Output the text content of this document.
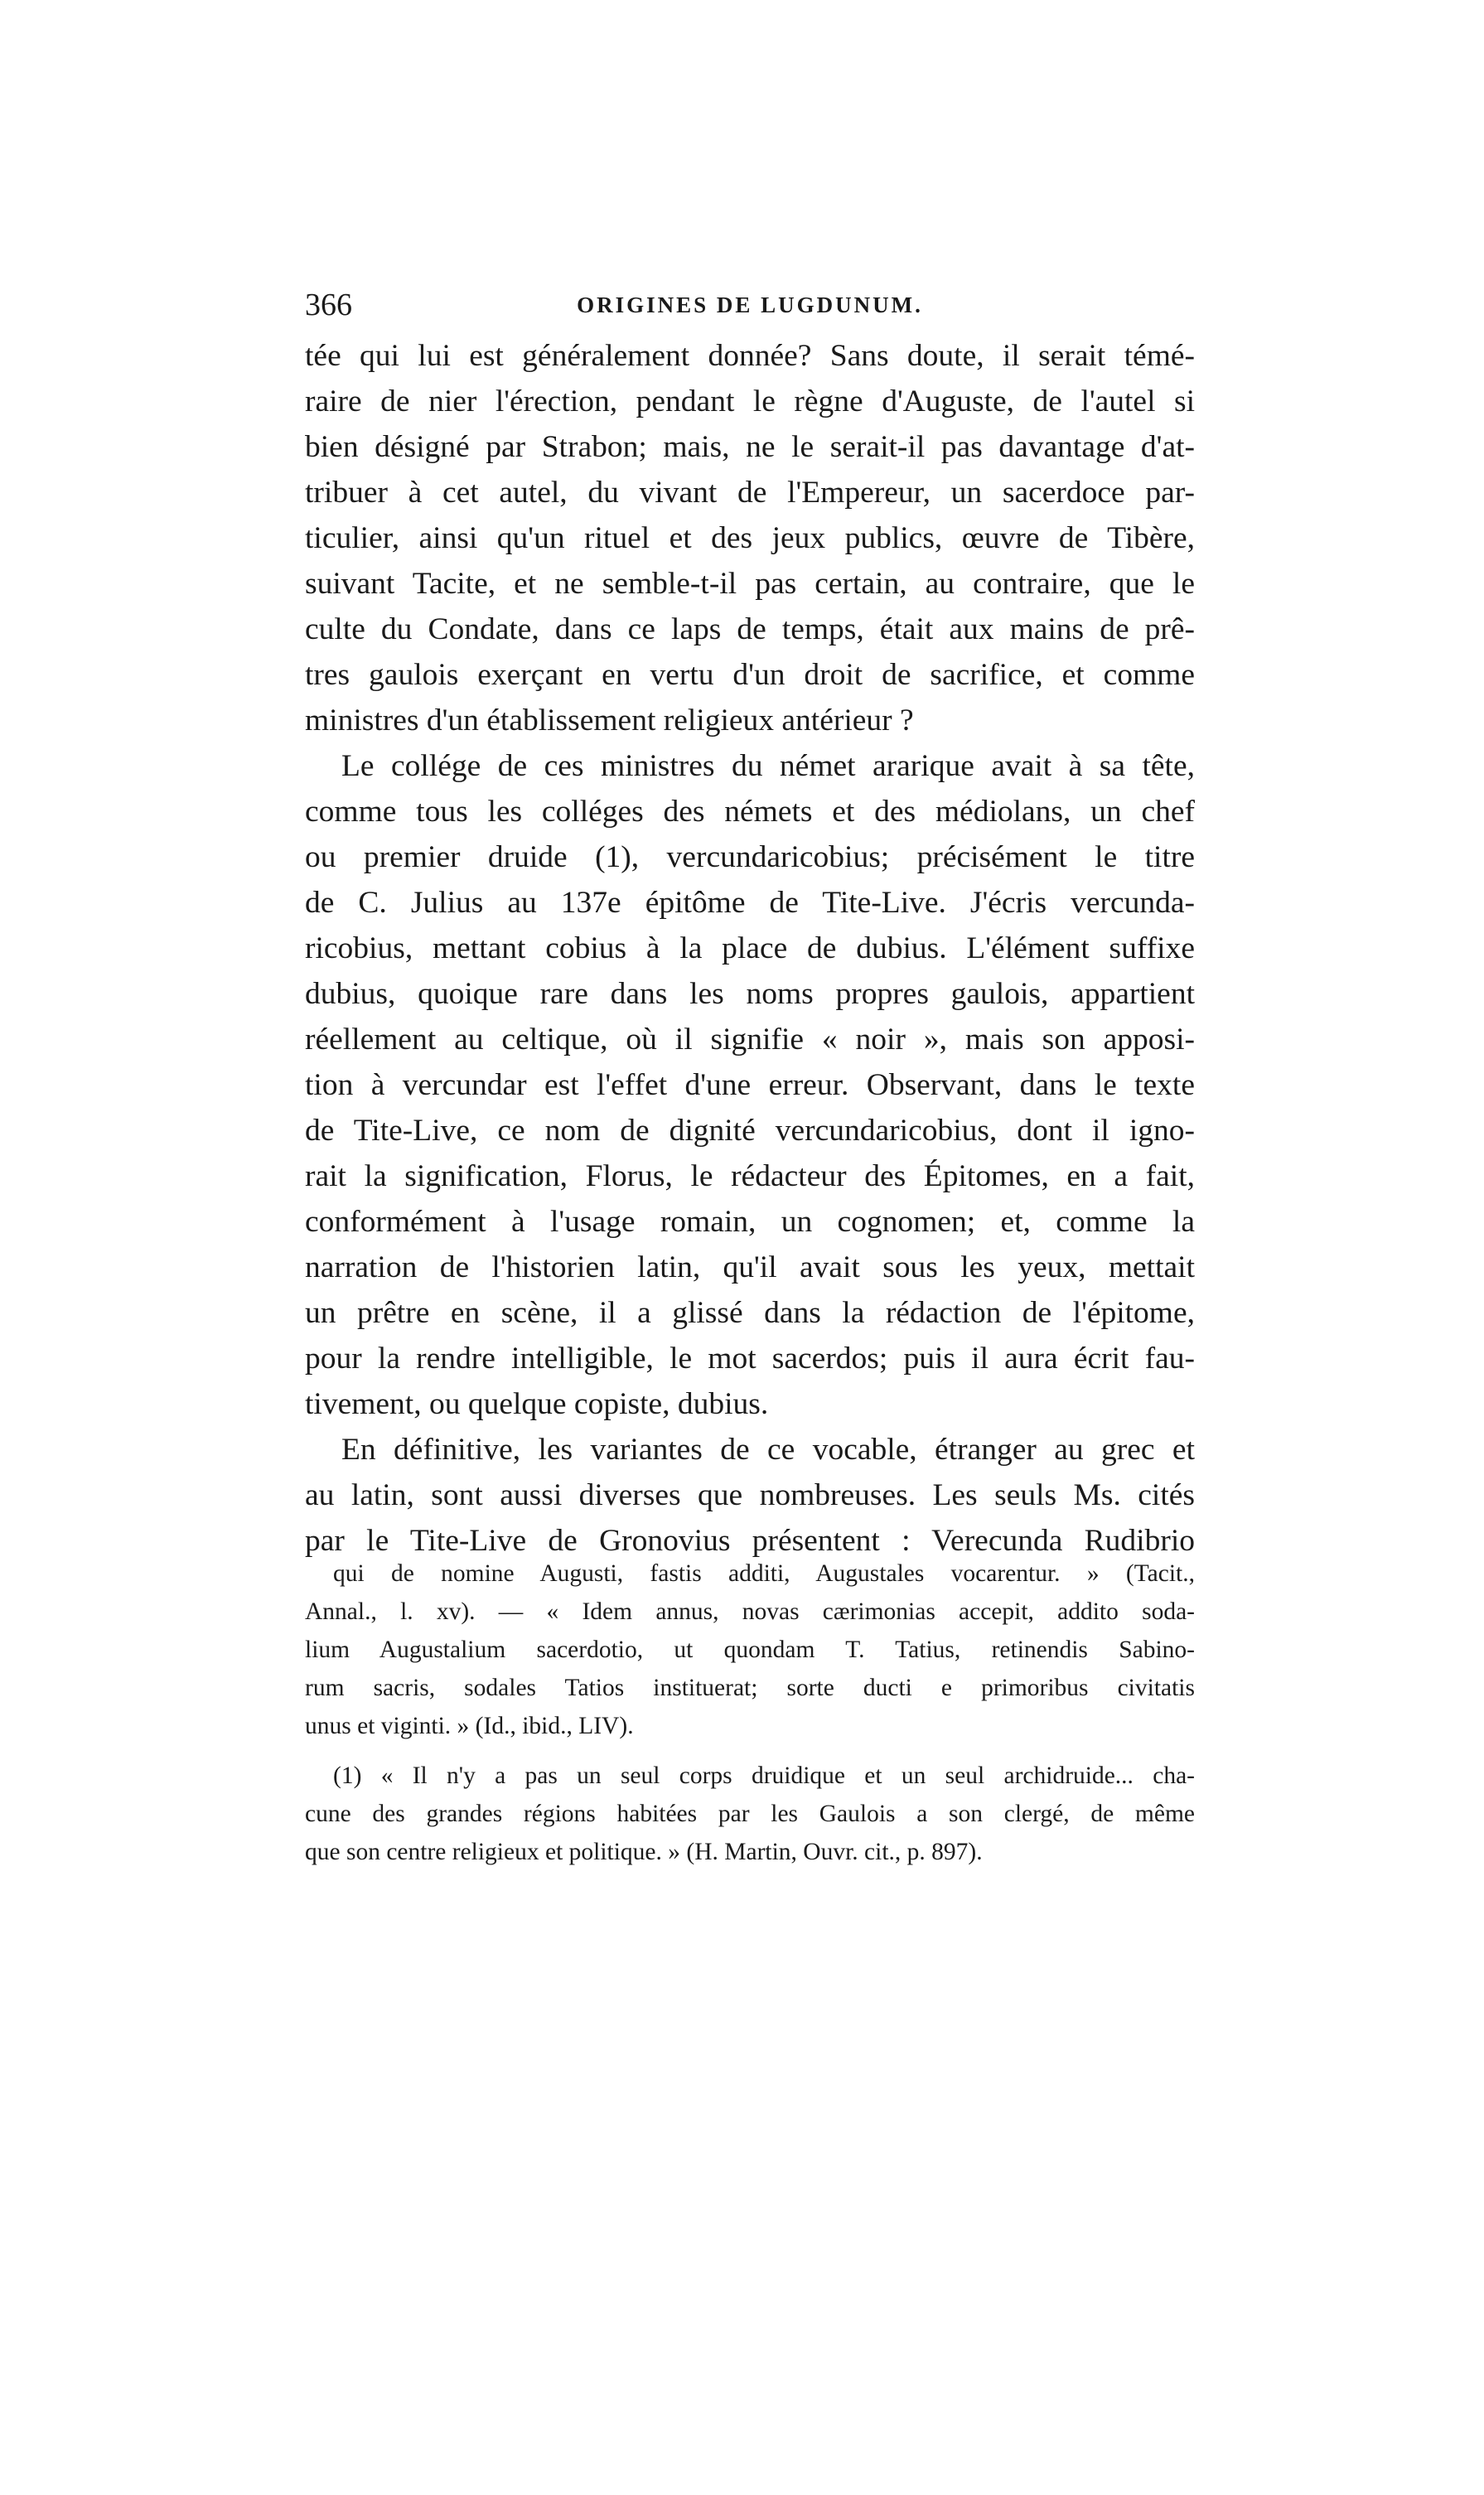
366	ORIGINES DE LUGDUNUM.
tée qui lui est généralement donnée? Sans doute, il serait témé-
raire de nier l'érection, pendant le règne d'Auguste, de l'autel si
bien désigné par Strabon; mais, ne le serait-il pas davantage d'at-
tribuer à cet autel, du vivant de l'Empereur, un sacerdoce par-
ticulier, ainsi qu'un rituel et des jeux publics, œuvre de Tibère,
suivant Tacite, et ne semble-t-il pas certain, au contraire, que le
culte du Condate, dans ce laps de temps, était aux mains de prê-
tres gaulois exerçant en vertu d'un droit de sacrifice, et comme
ministres d'un établissement religieux antérieur ?
Le collége de ces ministres du német ararique avait à sa tête,
comme tous les colléges des némets et des médiolans, un chef
ou premier druide (1), vercundaricobius; précisément le titre
de C. Julius au 137e épitôme de Tite-Live. J'écris vercunda-
ricobius, mettant cobius à la place de dubius. L'élément suffixe
dubius, quoique rare dans les noms propres gaulois, appartient
réellement au celtique, où il signifie « noir », mais son apposi-
tion à vercundar est l'effet d'une erreur. Observant, dans le texte
de Tite-Live, ce nom de dignité vercundaricobius, dont il igno-
rait la signification, Florus, le rédacteur des Épitomes, en a fait,
conformément à l'usage romain, un cognomen; et, comme la
narration de l'historien latin, qu'il avait sous les yeux, mettait
un prêtre en scène, il a glissé dans la rédaction de l'épitome,
pour la rendre intelligible, le mot sacerdos; puis il aura écrit fau-
tivement, ou quelque copiste, dubius.
En définitive, les variantes de ce vocable, étranger au grec et
au latin, sont aussi diverses que nombreuses. Les seuls Ms. cités
par le Tite-Live de Gronovius présentent : Verecunda Rudibrio
qui de nomine Augusti, fastis additi, Augustales vocarentur. » (Tacit.,
Annal., l. xv). — « Idem annus, novas cærimonias accepit, addito soda-
lium Augustalium sacerdotio, ut quondam T. Tatius, retinendis Sabino-
rum sacris, sodales Tatios instituerat; sorte ducti e primoribus civitatis
unus et viginti. » (Id., ibid., LIV).
(1) « Il n'y a pas un seul corps druidique et un seul archidruide... cha-
cune des grandes régions habitées par les Gaulois a son clergé, de même
que son centre religieux et politique. » (H. Martin, Ouvr. cit., p. 897).
